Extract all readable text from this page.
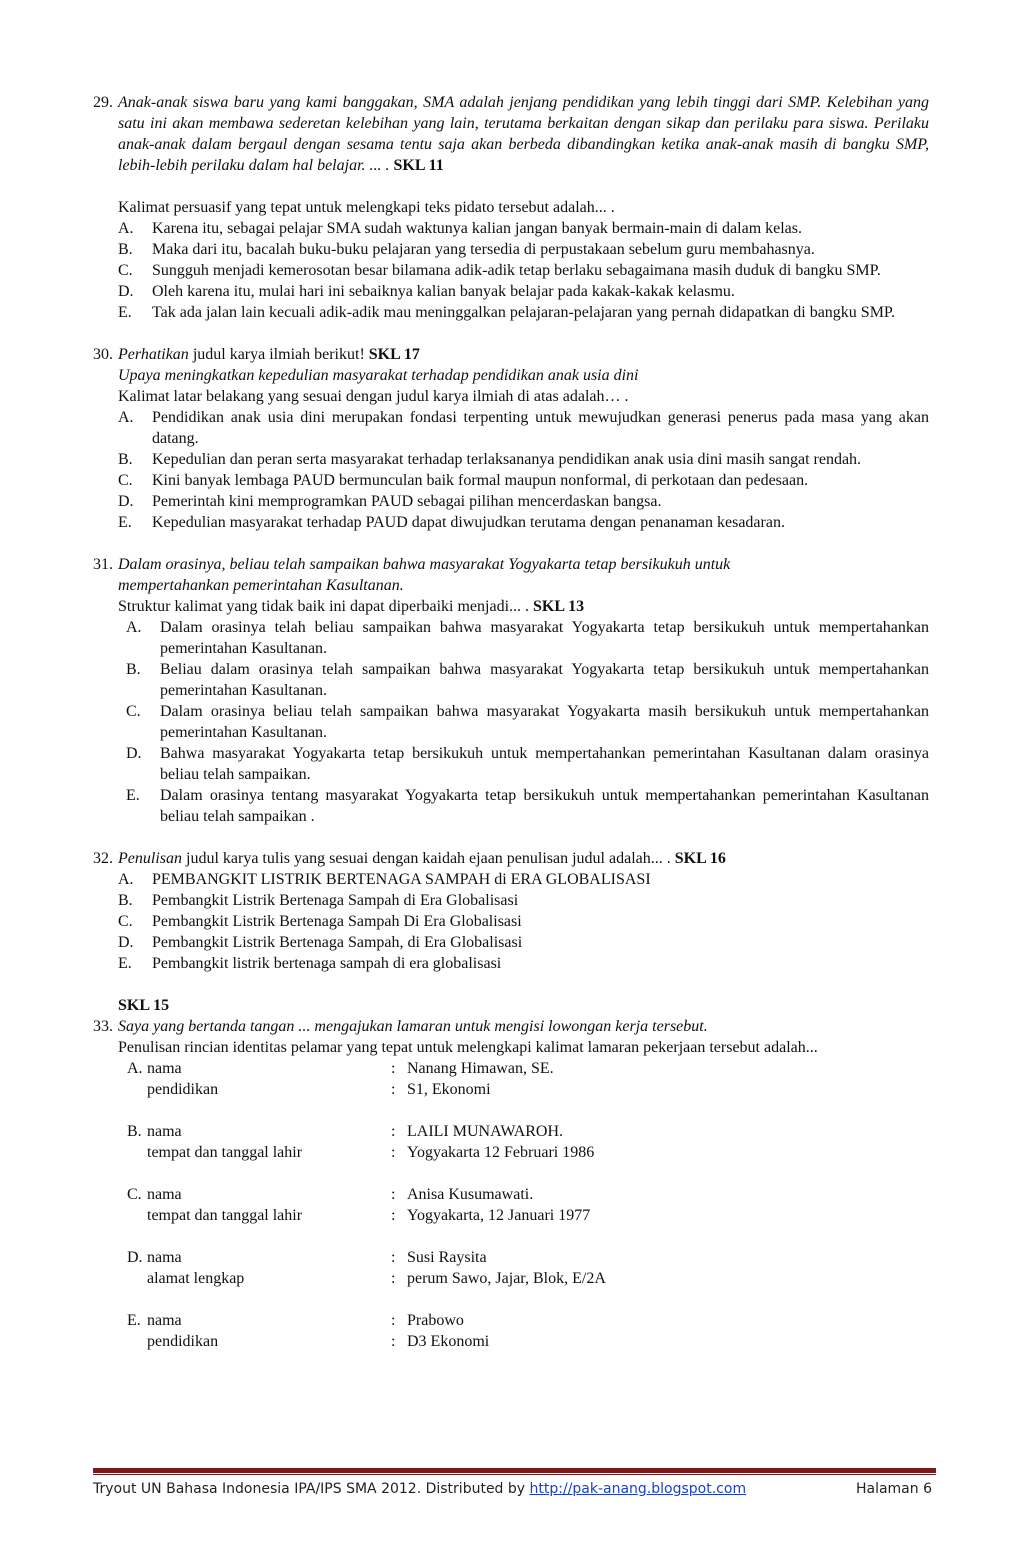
29. Anak-anak siswa baru yang kami banggakan, SMA adalah jenjang pendidikan yang lebih tinggi dari SMP. Kelebihan yang satu ini akan membawa sederetan kelebihan yang lain, terutama berkaitan dengan sikap dan perilaku para siswa. Perilaku anak-anak dalam bergaul dengan sesama tentu saja akan berbeda dibandingkan ketika anak-anak masih di bangku SMP, lebih-lebih perilaku dalam hal belajar. ... . SKL 11
Kalimat persuasif yang tepat untuk melengkapi teks pidato tersebut adalah... .
A.	Karena itu, sebagai pelajar SMA sudah waktunya kalian jangan banyak bermain-main di dalam kelas.
B.	Maka dari itu, bacalah buku-buku pelajaran yang tersedia di perpustakaan sebelum guru membahasnya.
C.	Sungguh menjadi kemerosotan besar bilamana adik-adik tetap berlaku sebagaimana masih duduk di bangku SMP.
D.	Oleh karena itu, mulai hari ini sebaiknya kalian banyak belajar pada kakak-kakak kelasmu.
E.	Tak ada jalan lain kecuali adik-adik mau meninggalkan pelajaran-pelajaran yang pernah didapatkan di bangku SMP.
30. Perhatikan judul karya ilmiah berikut! SKL 17
Upaya meningkatkan kepedulian masyarakat terhadap pendidikan anak usia dini
Kalimat latar belakang yang sesuai dengan judul karya ilmiah di atas adalah… .
A.	Pendidikan anak usia dini merupakan fondasi terpenting untuk mewujudkan generasi penerus pada masa yang akan datang.
B.	Kepedulian dan peran serta masyarakat terhadap terlaksananya pendidikan anak usia dini masih sangat rendah.
C.	Kini banyak lembaga PAUD bermunculan baik formal maupun nonformal, di perkotaan dan pedesaan.
D.	Pemerintah kini memprogramkan PAUD sebagai pilihan mencerdaskan bangsa.
E.	Kepedulian masyarakat terhadap PAUD dapat diwujudkan terutama dengan penanaman kesadaran.
31. Dalam orasinya, beliau telah sampaikan bahwa masyarakat Yogyakarta tetap bersikukuh untuk mempertahankan pemerintahan Kasultanan.
Struktur kalimat yang tidak baik ini dapat diperbaiki menjadi... . SKL 13
A.	Dalam orasinya telah beliau sampaikan bahwa masyarakat Yogyakarta tetap bersikukuh untuk mempertahankan pemerintahan Kasultanan.
B.	Beliau dalam orasinya telah sampaikan bahwa masyarakat Yogyakarta tetap bersikukuh untuk mempertahankan pemerintahan Kasultanan.
C.	Dalam orasinya beliau telah sampaikan bahwa masyarakat Yogyakarta masih bersikukuh untuk mempertahankan pemerintahan Kasultanan.
D.	Bahwa masyarakat Yogyakarta tetap bersikukuh untuk mempertahankan pemerintahan Kasultanan dalam orasinya beliau telah sampaikan.
E.	Dalam orasinya tentang masyarakat Yogyakarta tetap bersikukuh untuk mempertahankan pemerintahan Kasultanan beliau telah sampaikan .
32. Penulisan judul karya tulis yang sesuai dengan kaidah ejaan penulisan judul adalah... . SKL 16
A.	PEMBANGKIT LISTRIK BERTENAGA SAMPAH di ERA GLOBALISASI
B.	Pembangkit Listrik Bertenaga Sampah di Era Globalisasi
C.	Pembangkit Listrik Bertenaga Sampah Di Era Globalisasi
D.	Pembangkit Listrik Bertenaga Sampah, di Era Globalisasi
E.	Pembangkit listrik bertenaga sampah di era globalisasi
SKL 15
33. Saya yang bertanda tangan ... mengajukan lamaran untuk mengisi lowongan kerja tersebut.
Penulisan rincian identitas pelamar yang tepat untuk melengkapi kalimat lamaran pekerjaan tersebut adalah...
A. nama	: Nanang Himawan, SE.
pendidikan	: S1, Ekonomi
B. nama	: LAILI MUNAWAROH.
tempat dan tanggal lahir	: Yogyakarta 12 Februari 1986
C. nama	: Anisa Kusumawati.
tempat dan tanggal lahir	: Yogyakarta, 12 Januari 1977
D. nama	: Susi Raysita
alamat lengkap	: perum Sawo, Jajar, Blok, E/2A
E. nama	: Prabowo
pendidikan	: D3 Ekonomi
Tryout UN Bahasa Indonesia IPA/IPS SMA 2012. Distributed by http://pak-anang.blogspot.com	Halaman 6
